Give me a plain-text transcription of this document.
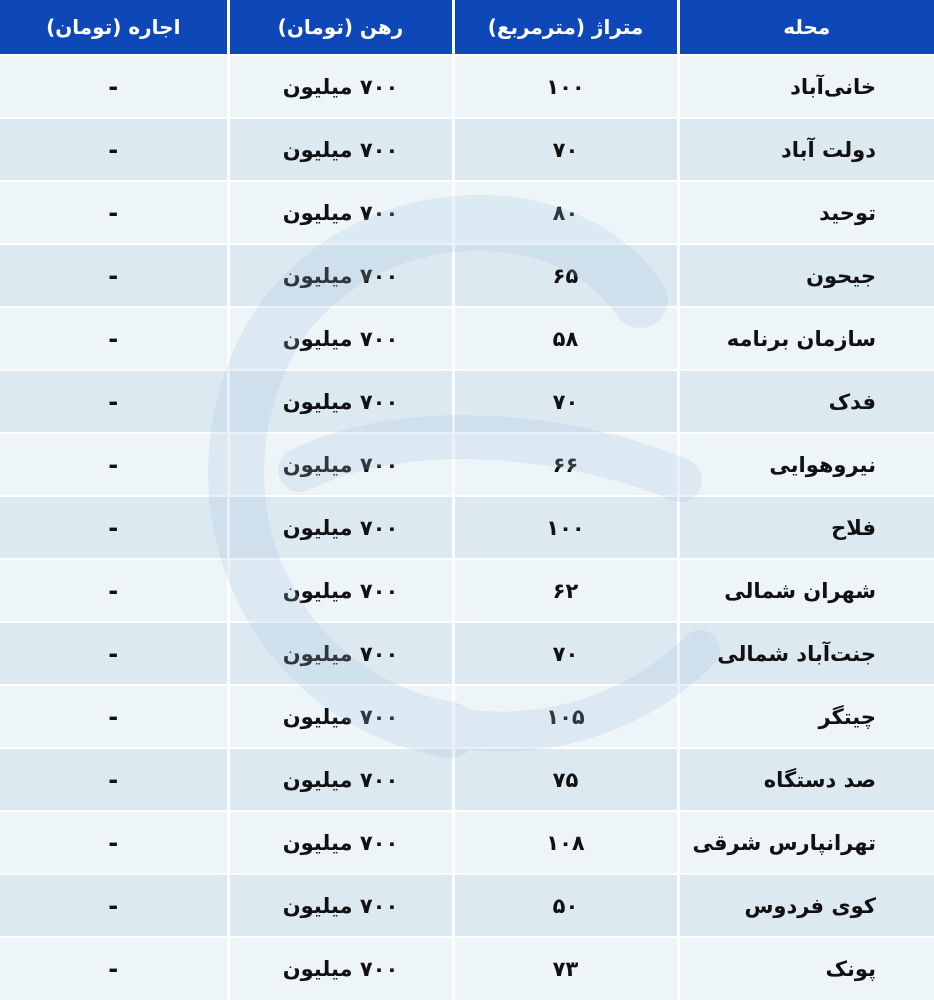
محله	متراژ (مترمربع)	رهن (تومان)	اجاره (تومان)
خانی‌آباد	۱۰۰	۷۰۰ میلیون	-
دولت آباد	۷۰	۷۰۰ میلیون	-
توحید	۸۰	۷۰۰ میلیون	-
جیحون	۶۵	۷۰۰ میلیون	-
سازمان برنامه	۵۸	۷۰۰ میلیون	-
فدک	۷۰	۷۰۰ میلیون	-
نیروهوایی	۶۶	۷۰۰ میلیون	-
فلاح	۱۰۰	۷۰۰ میلیون	-
شهران شمالی	۶۲	۷۰۰ میلیون	-
جنت‌آباد شمالی	۷۰	۷۰۰ میلیون	-
چیتگر	۱۰۵	۷۰۰ میلیون	-
صد دستگاه	۷۵	۷۰۰ میلیون	-
تهرانپارس شرقی	۱۰۸	۷۰۰ میلیون	-
کوی فردوس	۵۰	۷۰۰ میلیون	-
پونک	۷۳	۷۰۰ میلیون	-
